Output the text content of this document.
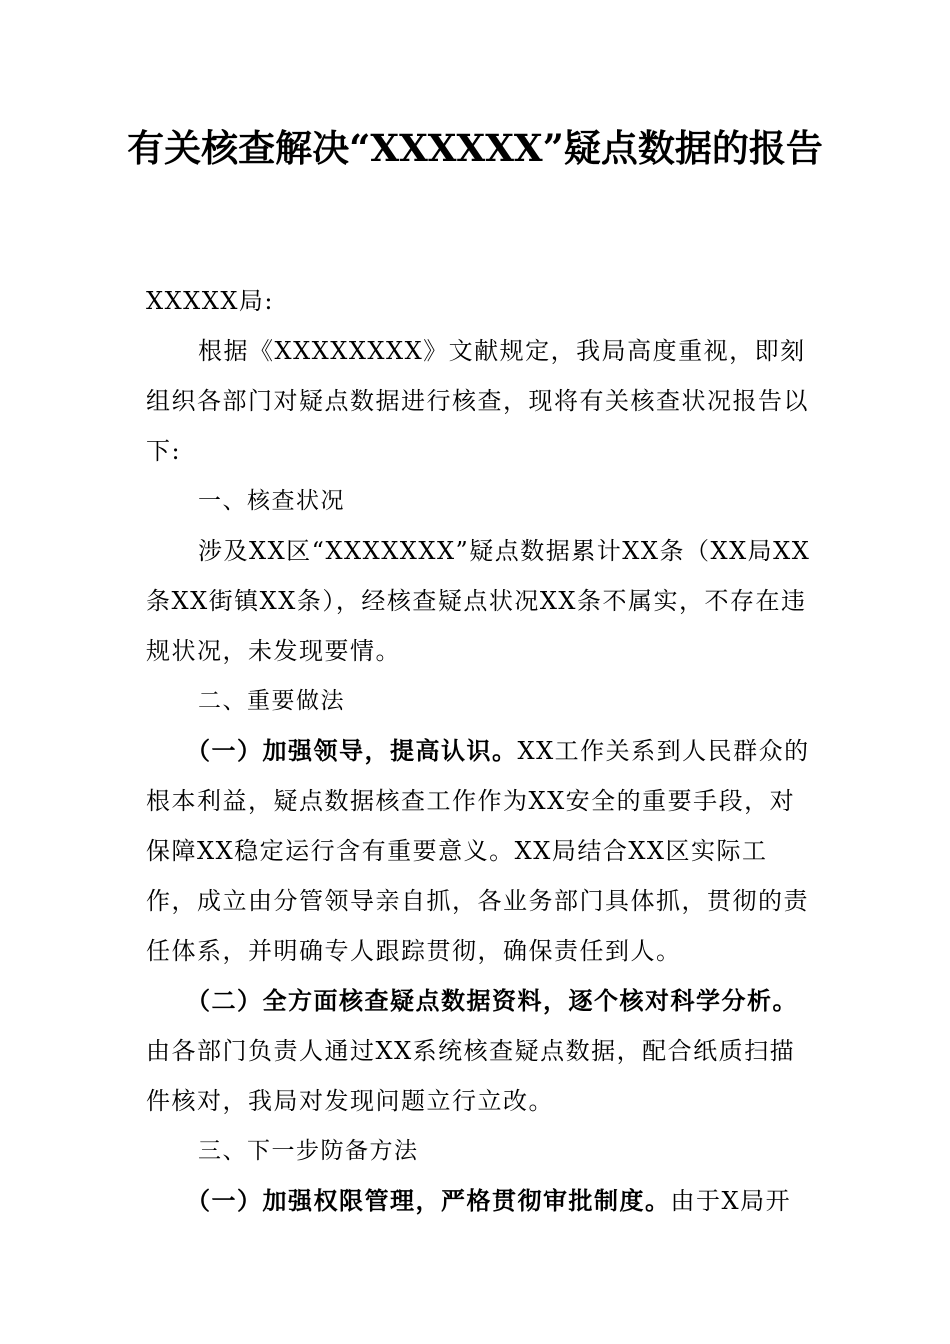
有关核查解决“XXXXXX”疑点数据的报告

XXXXX局:

根据《XXXXXXXX》文献规定，我局高度重视，即刻组织各部门对疑点数据进行核查，现将有关核查状况报告以下:

一、核查状况

涉及XX区“XXXXXXX”疑点数据累计XX条（XX局XX条XX街镇XX条），经核查疑点状况XX条不属实，不存在违规状况，未发现要情。

二、重要做法

（一）加强领导，提高认识。XX工作关系到人民群众的根本利益，疑点数据核查工作作为XX安全的重要手段，对保障XX稳定运行含有重要意义。XX局结合XX区实际工作，成立由分管领导亲自抓，各业务部门具体抓，贯彻的责任体系，并明确专人跟踪贯彻，确保责任到人。

（二）全方面核查疑点数据资料，逐个核对科学分析。由各部门负责人通过XX系统核查疑点数据，配合纸质扫描件核对，我局对发现问题立行立改。

三、下一步防备方法

（一）加强权限管理，严格贯彻审批制度。由于X局开
